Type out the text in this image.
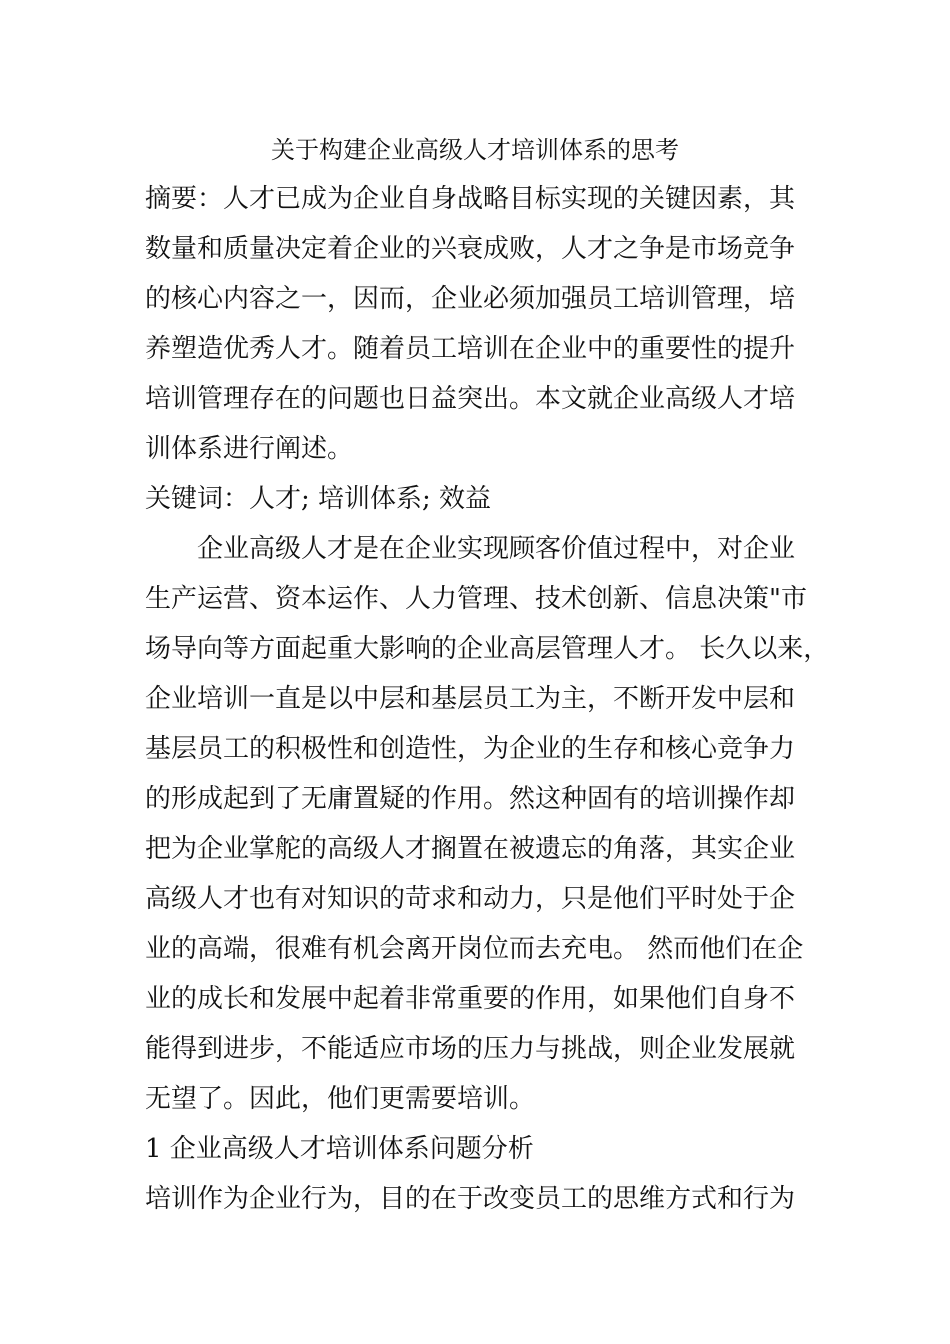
关于构建企业高级人才培训体系的思考
摘要：人才已成为企业自身战略目标实现的关键因素，其
数量和质量决定着企业的兴衰成败，人才之争是市场竞争
的核心内容之一，因而，企业必须加强员工培训管理，培
养塑造优秀人才。随着员工培训在企业中的重要性的提升
培训管理存在的问题也日益突出。本文就企业高级人才培
训体系进行阐述。
关键词：人才; 培训体系; 效益
企业高级人才是在企业实现顾客价值过程中，对企业
生产运营、资本运作、人力管理、技术创新、信息决策"市
场导向等方面起重大影响的企业高层管理人才。 长久以来，
企业培训一直是以中层和基层员工为主，不断开发中层和
基层员工的积极性和创造性，为企业的生存和核心竞争力
的形成起到了无庸置疑的作用。然这种固有的培训操作却
把为企业掌舵的高级人才搁置在被遗忘的角落，其实企业
高级人才也有对知识的苛求和动力，只是他们平时处于企
业的高端，很难有机会离开岗位而去充电。 然而他们在企
业的成长和发展中起着非常重要的作用，如果他们自身不
能得到进步，不能适应市场的压力与挑战，则企业发展就
无望了。因此，他们更需要培训。
1 企业高级人才培训体系问题分析
培训作为企业行为，目的在于改变员工的思维方式和行为
